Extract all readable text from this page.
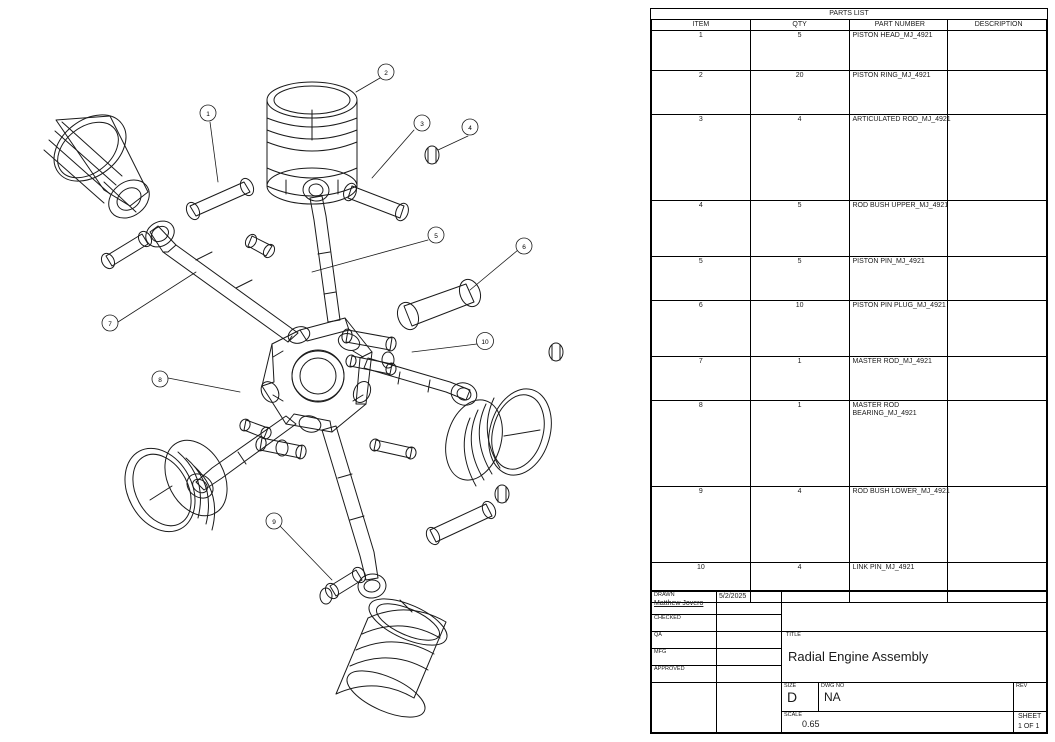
1
2
3
4
5
6
7
8
9
10
PARTS LIST			
ITEM	QTY	PART NUMBER	DESCRIPTION
1	5	PISTON HEAD_MJ_4921	

2	20	PISTON RING_MJ_4921	

3	4	ARTICULATED ROD_MJ_4921	

4	5	ROD BUSH UPPER_MJ_4921	

5	5	PISTON PIN_MJ_4921	

6	10	PISTON PIN PLUG_MJ_4921	

7	1	MASTER ROD_MJ_4921	

8	1	MASTER ROD
BEARING_MJ_4921	

9	4	ROD BUSH LOWER_MJ_4921	

10	4	LINK PIN_MJ_4921	

DRAWN
Matthew Jovero

5/2/2025

CHECKED

QA		TITLE
Radial Engine Assembly

MFG

APPROVED

SIZE
D

DWG NO
NA

REV

SCALE
0.65	
SHEET 1 OF 1
